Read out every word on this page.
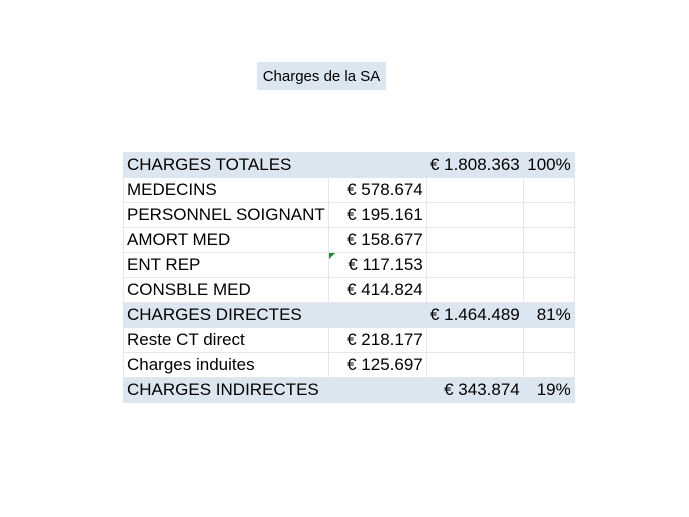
Charges de la SA
CHARGES TOTALES		€ 1.808.363	100%
MEDECINS	€ 578.674		
PERSONNEL SOIGNANT	€ 195.161		
AMORT MED	€ 158.677		
ENT REP	€ 117.153		
CONSBLE MED	€ 414.824		
CHARGES DIRECTES		€ 1.464.489	81%
Reste CT direct	€ 218.177		
Charges induites	€ 125.697		
CHARGES INDIRECTES		€ 343.874	19%
